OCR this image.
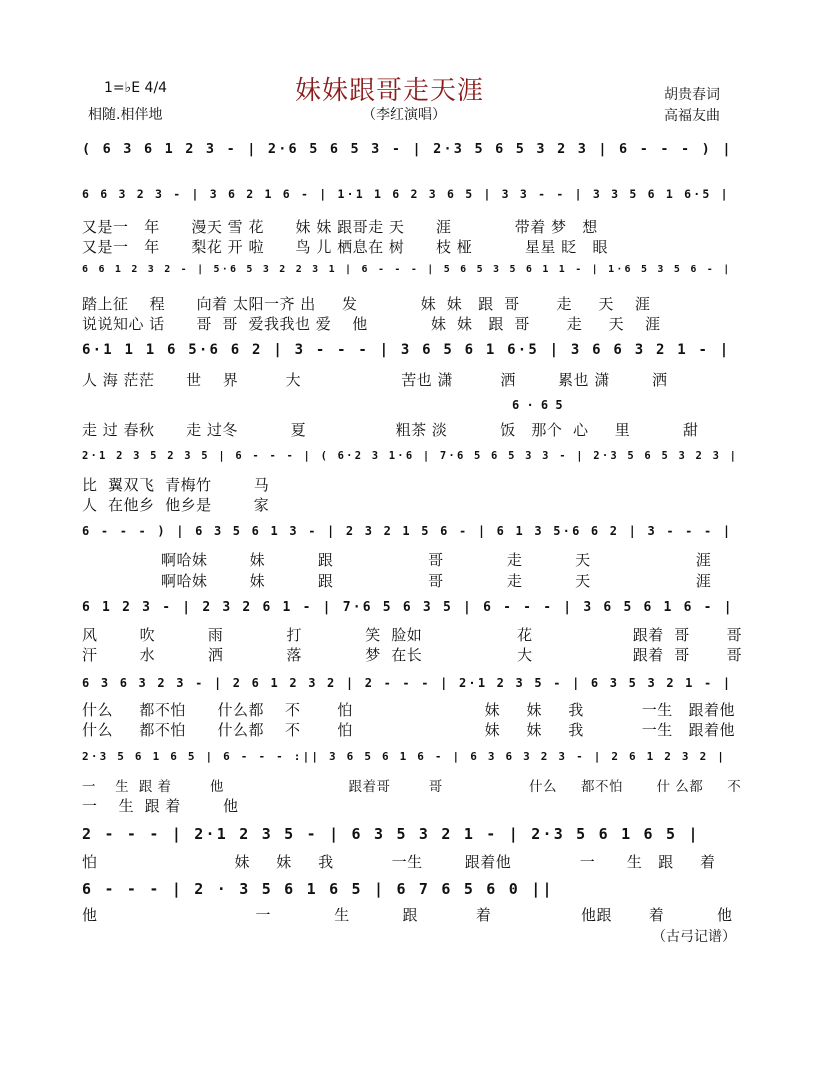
1=♭E 4/4
相随.相伴地
妹妹跟哥走天涯
（李红演唱）
胡贵春词
高福友曲
( 6 3 6 1 2 3 - | 2·6 5 6 5 3 - | 2·3 5 6 5 3 2 3 | 6 - - - ) |
6 6 3 2 3 - | 3 6 2 1 6 - | 1·1 1 6 2 3 6 5 | 3 3 - - | 3 3 5 6 1 6·5 |
又是一   年      漫天 雪 花      妹 妹 跟哥走 天      涯            带着 梦   想
又是一   年      梨花 开 啦      鸟 儿 栖息在 树      枝 桠          星星 眨   眼
6 6 1 2 3 2 - | 5·6 5 3 2 2 3 1 | 6 - - - | 5 6 5 3 5 6 1 1 - | 1·6 5 3 5 6 - |
踏上征    程      向着 太阳一齐 出     发            妹  妹   跟  哥       走     天    涯
说说知心 话      哥  哥  爱我我也 爱    他            妹  妹   跟  哥       走     天    涯
6·1 1 1 6 5·6 6 2 | 3 - - - | 3 6 5 6 1 6·5 | 3 6 6 3 2 1 - |
人 海 茫茫      世    界         大                   苦也 潇         洒        累也 潇        洒
6 · 6 5
走 过 春秋      走 过冬          夏                 粗茶 淡          饭   那个  心     里          甜
2·1 2 3 5 2 3 5 | 6 - - - | ( 6·2 3 1·6 | 7·6 5 6 5 3 3 - | 2·3 5 6 5 3 2 3 |
比  翼双飞  青梅竹        马
人  在他乡  他乡是        家
6 - - - ) | 6 3 5 6 1 3 - | 2 3 2 1 5 6 - | 6 1 3 5·6 6 2 | 3 - - - |
啊哈妹        妹          跟                  哥            走          天                    涯
啊哈妹        妹          跟                  哥            走          天                    涯
6 1 2 3 - | 2 3 2 6 1 - | 7·6 5 6 3 5 | 6 - - - | 3 6 5 6 1 6 - |
风        吹          雨            打            笑  脸如                  花                   跟着  哥       哥
汗        水          洒            落            梦  在长                  大                   跟着  哥       哥
6 3 6 3 2 3 - | 2 6 1 2 3 2 | 2 - - - | 2·1 2 3 5 - | 6 3 5 3 2 1 - |
什么     都不怕      什么都    不       怕                         妹     妹     我           一生   跟着他
什么     都不怕      什么都    不       怕                         妹     妹     我           一生   跟着他
2·3 5 6 1 6 5 | 6 - - - :|| 3 6 5 6 1 6 - | 6 3 6 3 2 3 - | 2 6 1 2 3 2 |
一    生  跟 着        他                          跟着哥        哥                  什么     都不怕       什 么都     不
一    生  跟 着        他
2 - - - | 2·1 2 3 5 - | 6 3 5 3 2 1 - | 2·3 5 6 1 6 5 |
怕                          妹     妹     我           一生        跟着他             一      生   跟     着
6 - - - | 2 · 3 5 6 1 6 5 | 6 7 6 5 6 0 ||
他                              一            生          跟           着                 他跟       着          他
（古弓记谱）
